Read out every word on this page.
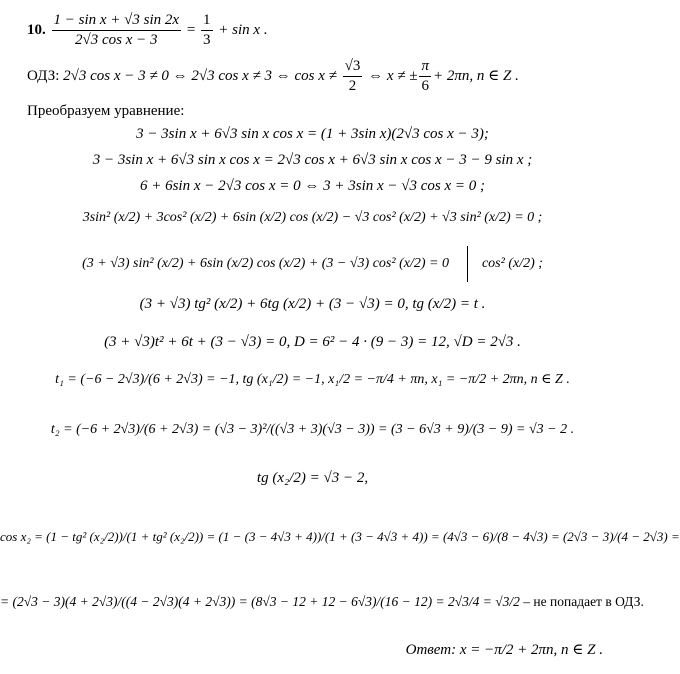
10. $\frac{\text{1 − sin x + √3 sin 2x}}{\text{2√3 cos x − 3}} = \frac{1}{3} + \sin x$ .
ОДЗ: 2√3 cos x − 3 ≠ 0 ⇔ 2√3 cos x ≠ 3 ⇔ $\cos x \ne \frac{√3}{2}$ ⇔ x ≠ ± $\frac{\pi}{6} + 2\pi n$, n ∈ Z .
Преобразуем уравнение:
3 − 3sin x + 6√3 sin x cos x = (1 + 3sin x)(2√3 cos x − 3);
3 − 3sin x + 6√3 sin x cos x = 2√3 cos x + 6√3 sin x cos x − 3 − 9 sin x ;
6 + 6sin x − 2√3 cos x = 0 ⇔ 3 + 3sin x − √3 cos x = 0 ;
3sin² (x/2) + 3cos² (x/2) + 6sin (x/2) cos (x/2) − √3 cos² (x/2) + √3 sin² (x/2) = 0 ;
(3 + √3) sin² (x/2) + 6sin (x/2) cos (x/2) + (3 − √3) cos² (x/2) = 0 cos² (x/2) ;
(3 + √3) tg² (x/2) + 6tg (x/2) + (3 − √3) = 0, tg (x/2) = t .
(3 + √3)t² + 6t + (3 − √3) = 0, D = 6² − 4 · (9 − 3) = 12, √D = 2√3 .
t₁ = (−6 − 2√3)/(6 + 2√3) = −1, tg (x₁/2) = −1, x₁/2 = −π/4 + πn, x₁ = −π/2 + 2πn, n ∈ Z .
t₂ = (−6 + 2√3)/(6 + 2√3) = (√3 − 3)²/((√3 + 3)(√3 − 3)) = (3 − 6√3 + 9)/(3 − 9) = √3 − 2 .
tg (x₂/2) = √3 − 2,
cos x₂ = (1 − tg² (x₂/2))/(1 + tg² (x₂/2)) = (1 − (3 − 4√3 + 4))/(1 + (3 − 4√3 + 4)) = (4√3 − 6)/(8 − 4√3) = (2√3 − 3)/(4 − 2√3) =
= (2√3 − 3)(4 + 2√3)/((4 − 2√3)(4 + 2√3)) = (8√3 − 12 + 12 − 6√3)/(16 − 12) = 2√3/4 = √3/2 – не попадает в ОДЗ.
Ответ: x = −π/2 + 2πn, n ∈ Z .
